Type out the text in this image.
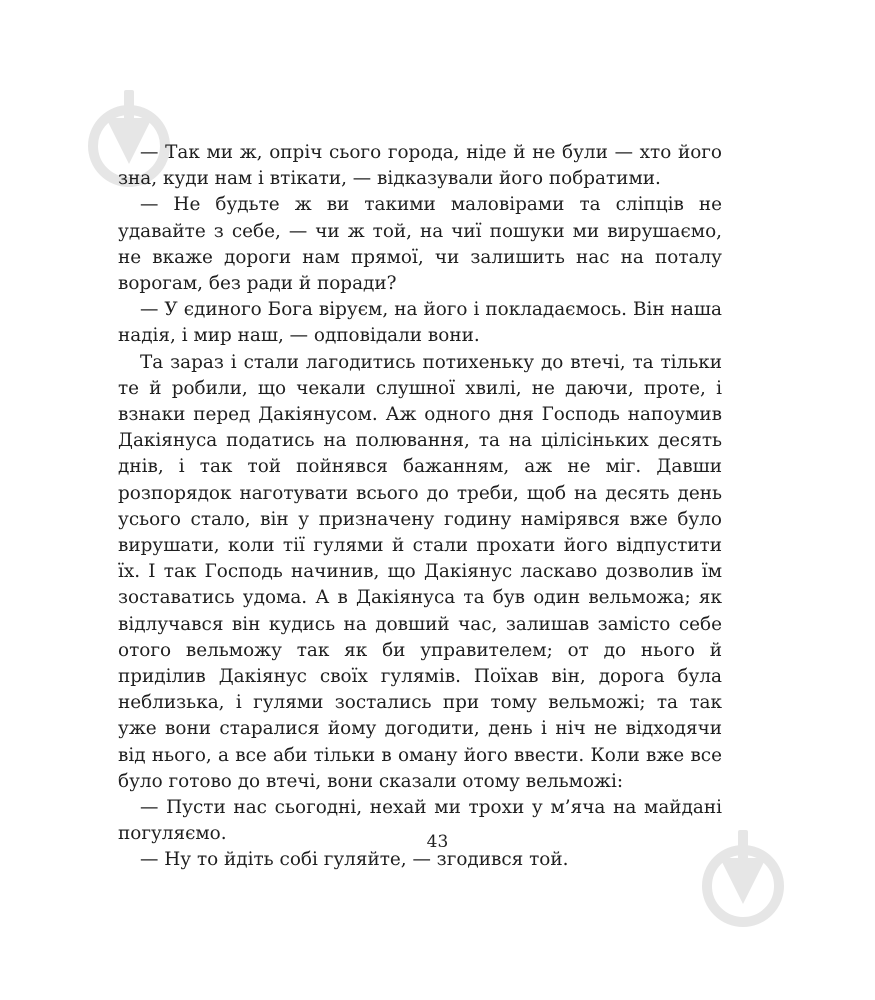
— Так ми ж, опріч сього города, ніде й не були — хто його зна, куди нам і втікати, — відказували його побратими.

— Не будьте ж ви такими маловірами та сліпців не удавайте з себе, — чи ж той, на чиї пошуки ми вирушаємо, не вкаже дороги нам прямої, чи залишить нас на поталу ворогам, без ради й поради?

— У єдиного Бога віруєм, на його і покладаємось. Він наша надія, і мир наш, — одповідали вони.

Та зараз і стали лагодитись потихеньку до втечі, та тільки те й робили, що чекали слушної хвилі, не даючи, проте, і взнаки перед Дакіянусом. Аж одного дня Господь напоумив Дакіянуса податись на полювання, та на цілісіньких десять днів, і так той пойнявся бажанням, аж не міг. Давши розпорядок наготувати всього до треби, щоб на десять день усього стало, він у призначену годину намірявся вже було вирушати, коли тії гулями й стали прохати його відпустити їх. І так Господь начинив, що Дакіянус ласкаво дозволив їм зоставатись удома. А в Дакіянуса та був один вельможа; як відлучався він кудись на довший час, залишав замісто себе отого вельможу так як би управителем; от до нього й приділив Дакіянус своїх гулямів. Поїхав він, дорога була неблизька, і гулями зостались при тому вельможі; та так уже вони старалися йому догодити, день і ніч не відходячи від нього, а все аби тільки в оману його ввести. Коли вже все було готово до втечі, вони сказали отому вельможі:

— Пусти нас сьогодні, нехай ми трохи у м’яча на майдані погуляємо.

— Ну то йдіть собі гуляйте, — згодився той.

43
